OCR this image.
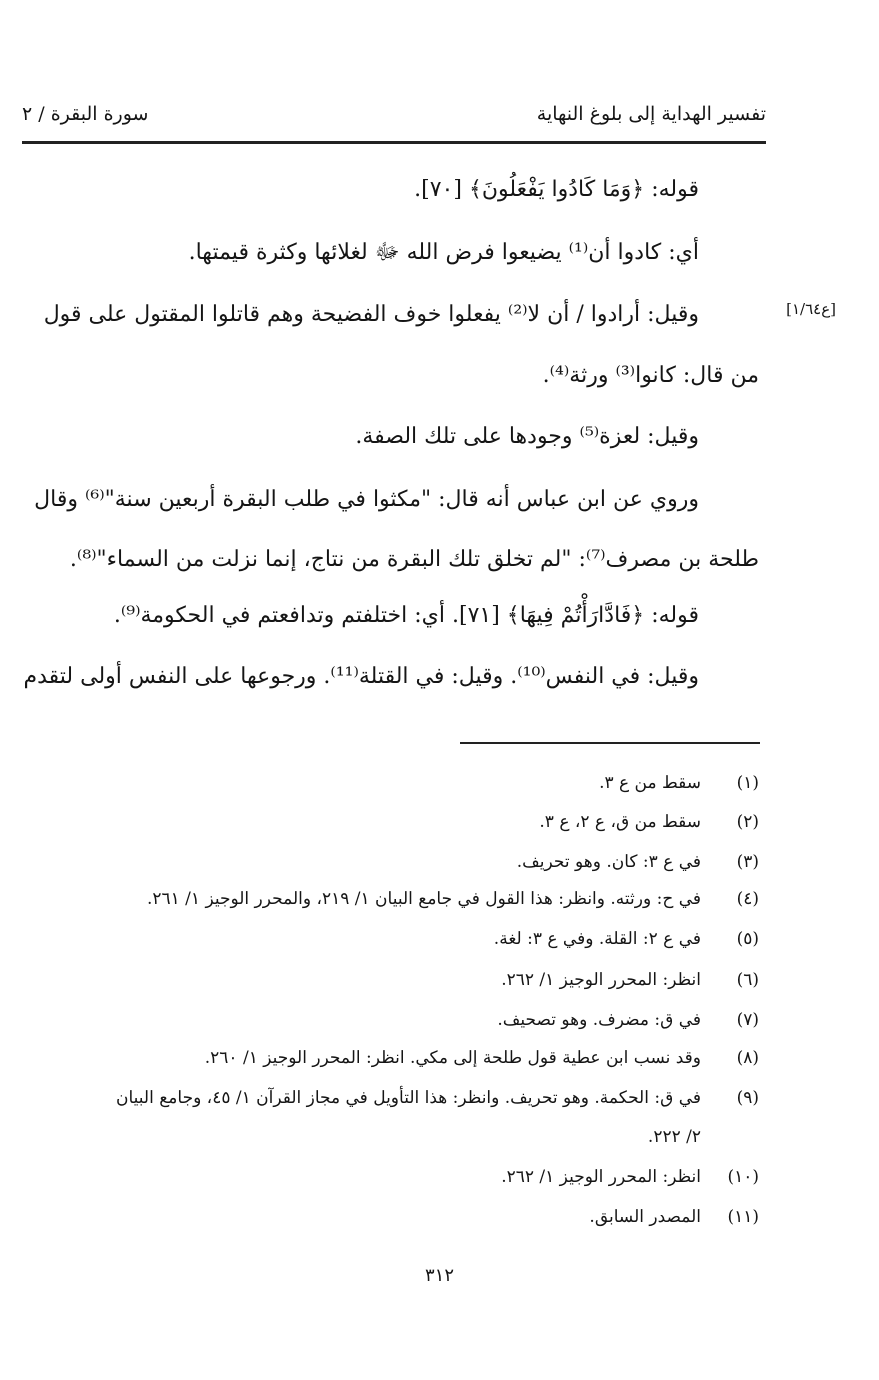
تفسير الهداية إلى بلوغ النهاية
سورة البقرة / ٢
[ع١/٦٤]
قوله: ﴿وَمَا كَادُوا يَفْعَلُونَ﴾ [٧٠].
أي: كادوا أن⁽¹⁾ يضيعوا فرض الله ﷻ لغلائها وكثرة قيمتها.
وقيل: أرادوا / أن لا⁽²⁾ يفعلوا خوف الفضيحة وهم قاتلوا المقتول على قول
من قال: كانوا⁽³⁾ ورثة⁽⁴⁾.
وقيل: لعزة⁽⁵⁾ وجودها على تلك الصفة.
وروي عن ابن عباس أنه قال: "مكثوا في طلب البقرة أربعين سنة"⁽⁶⁾ وقال
طلحة بن مصرف⁽⁷⁾: "لم تخلق تلك البقرة من نتاج، إنما نزلت من السماء"⁽⁸⁾.
قوله: ﴿فَادَّارَأْتُمْ فِيهَا﴾ [٧١]. أي: اختلفتم وتدافعتم في الحكومة⁽⁹⁾.
وقيل: في النفس⁽¹⁰⁾. وقيل: في القتلة⁽¹¹⁾. ورجوعها على النفس أولى لتقدم
(١)سقط من ع ٣.
(٢)سقط من ق، ع ٢، ع ٣.
(٣)في ع ٣: كان. وهو تحريف.
(٤)في ح: ورثته. وانظر: هذا القول في جامع البيان ١/ ٢١٩، والمحرر الوجيز ١/ ٢٦١.
(٥)في ع ٢: القلة. وفي ع ٣: لغة.
(٦)انظر: المحرر الوجيز ١/ ٢٦٢.
(٧)في ق: مضرف. وهو تصحيف.
(٨)وقد نسب ابن عطية قول طلحة إلى مكي. انظر: المحرر الوجيز ١/ ٢٦٠.
(٩)في ق: الحكمة. وهو تحريف. وانظر: هذا التأويل في مجاز القرآن ١/ ٤٥، وجامع البيان
٢/ ٢٢٢.
(١٠)انظر: المحرر الوجيز ١/ ٢٦٢.
(١١)المصدر السابق.
٣١٢
